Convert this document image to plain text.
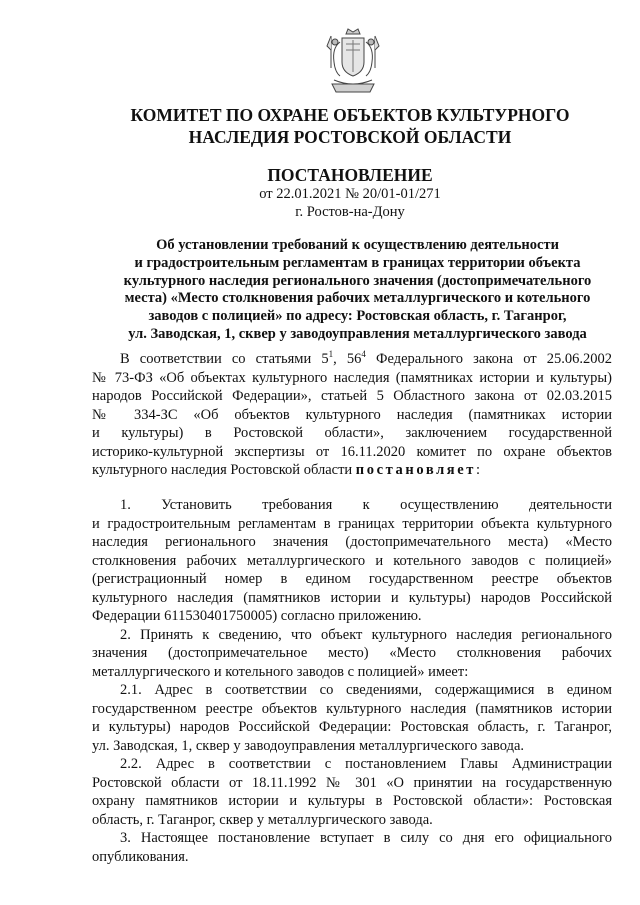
КОМИТЕТ ПО ОХРАНЕ ОБЪЕКТОВ КУЛЬТУРНОГО
НАСЛЕДИЯ РОСТОВСКОЙ ОБЛАСТИ
ПОСТАНОВЛЕНИЕ
от 22.01.2021 № 20/01-01/271
г. Ростов-на-Дону
Об установлении требований к осуществлению деятельности
и градостроительным регламентам в границах территории объекта
культурного наследия регионального значения (достопримечательного
места) «Место столкновения рабочих металлургического и котельного
заводов с полицией» по адресу: Ростовская область, г. Таганрог,
ул. Заводская, 1, сквер у заводоуправления металлургического завода
В соответствии со статьями $5^1$, $56^4$ Федерального закона от 25.06.2002
№ 73-ФЗ «Об объектах культурного наследия (памятниках истории и культуры)
народов Российской Федерации», статьей 5 Областного закона от 02.03.2015
№ 334-ЗС «Об объектов культурного наследия (памятниках истории
и культуры) в Ростовской области», заключением государственной
историко-культурной экспертизы от 16.11.2020 комитет по охране объектов
культурного наследия Ростовской области постановляет:
1. Установить требования к осуществлению деятельности
и градостроительным регламентам в границах территории объекта культурного
наследия регионального значения (достопримечательного места) «Место
столкновения рабочих металлургического и котельного заводов с полицией»
(регистрационный номер в едином государственном реестре объектов
культурного наследия (памятников истории и культуры) народов Российской
Федерации 611530401750005) согласно приложению.
2. Принять к сведению, что объект культурного наследия регионального
значения (достопримечательное место) «Место столкновения рабочих
металлургического и котельного заводов с полицией» имеет:
2.1. Адрес в соответствии со сведениями, содержащимися в едином
государственном реестре объектов культурного наследия (памятников истории
и культуры) народов Российской Федерации: Ростовская область, г. Таганрог,
ул. Заводская, 1, сквер у заводоуправления металлургического завода.
2.2. Адрес в соответствии с постановлением Главы Администрации
Ростовской области от 18.11.1992 № 301 «О принятии на государственную
охрану памятников истории и культуры в Ростовской области»: Ростовская
область, г. Таганрог, сквер у металлургического завода.
3. Настоящее постановление вступает в силу со дня его официального
опубликования.
